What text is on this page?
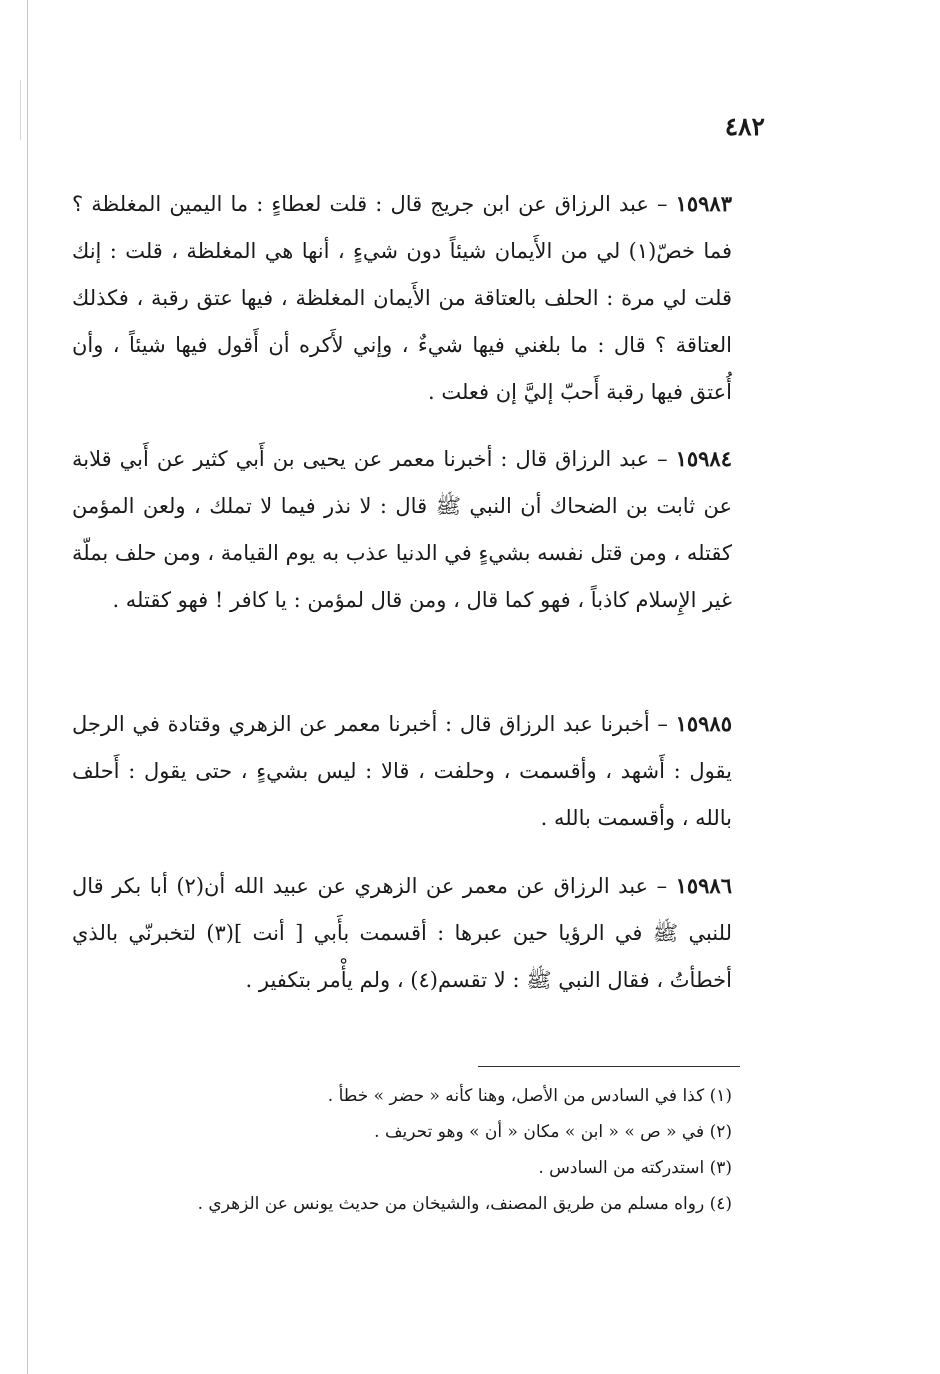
٤٨٢

١٥٩٨٣ – عبد الرزاق عن ابن جريج قال : قلت لعطاءٍ : ما اليمين المغلظة ؟ فما خصّ(١) لي من الأَيمان شيئاً دون شيءٍ ، أنها هي المغلظة ، قلت : إنك قلت لي مرة : الحلف بالعتاقة من الأَيمان المغلظة ، فيها عتق رقبة ، فكذلك العتاقة ؟ قال : ما بلغني فيها شيءٌ ، وإني لأَكره أن أَقول فيها شيئاً ، وأن أُعتق فيها رقبة أَحبّ إليَّ إن فعلت .

١٥٩٨٤ – عبد الرزاق قال : أخبرنا معمر عن يحيى بن أَبي كثير عن أَبي قلابة عن ثابت بن الضحاك أن النبي ﷺ قال : لا نذر فيما لا تملك ، ولعن المؤمن كقتله ، ومن قتل نفسه بشيءٍ في الدنيا عذب به يوم القيامة ، ومن حلف بملّة غير الإِسلام كاذباً ، فهو كما قال ، ومن قال لمؤمن : يا كافر ! فهو كقتله .

١٥٩٨٥ – أخبرنا عبد الرزاق قال : أخبرنا معمر عن الزهري وقتادة في الرجل يقول : أَشهد ، وأقسمت ، وحلفت ، قالا : ليس بشيءٍ ، حتى يقول : أَحلف بالله ، وأقسمت بالله .

١٥٩٨٦ – عبد الرزاق عن معمر عن الزهري عن عبيد الله أن(٢) أبا بكر قال للنبي ﷺ في الرؤيا حين عبرها : أقسمت بأَبي [ أنت ](٣) لتخبرنّي بالذي أخطأتُ ، فقال النبي ﷺ : لا تقسم(٤) ، ولم يأْمر بتكفير .

(١) كذا في السادس من الأصل، وهنا كأنه « حضر » خطأ .
(٢) في « ص » « ابن » مكان « أن » وهو تحريف .
(٣) استدركته من السادس .
(٤) رواه مسلم من طريق المصنف، والشيخان من حديث يونس عن الزهري .
